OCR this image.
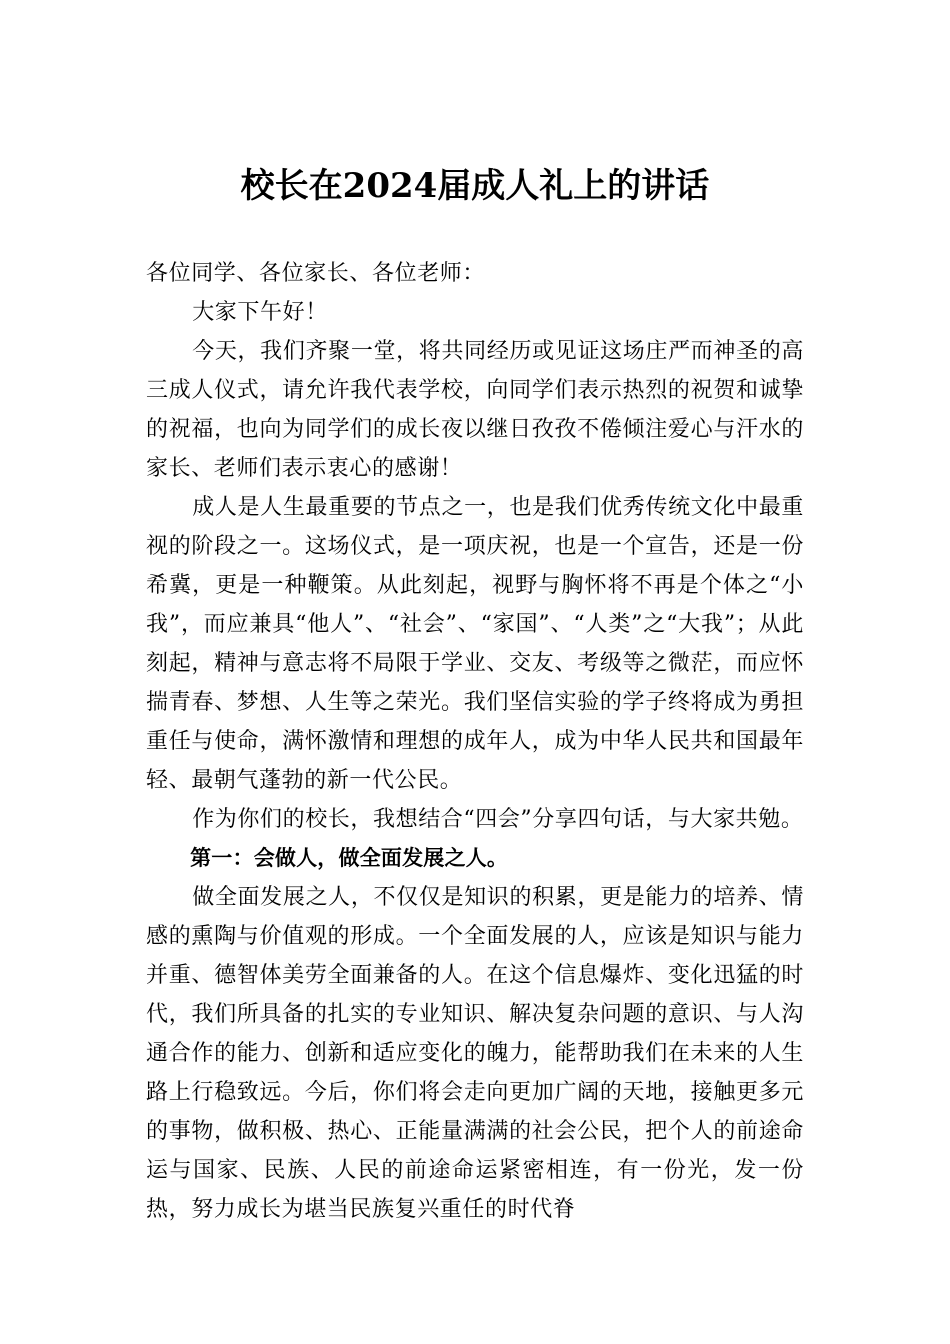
校长在2024届成人礼上的讲话

各位同学、各位家长、各位老师：

大家下午好！

今天，我们齐聚一堂，将共同经历或见证这场庄严而神圣的高三成人仪式，请允许我代表学校，向同学们表示热烈的祝贺和诚挚的祝福，也向为同学们的成长夜以继日孜孜不倦倾注爱心与汗水的家长、老师们表示衷心的感谢！

成人是人生最重要的节点之一，也是我们优秀传统文化中最重视的阶段之一。这场仪式，是一项庆祝，也是一个宣告，还是一份希冀，更是一种鞭策。从此刻起，视野与胸怀将不再是个体之“小我”，而应兼具“他人”、“社会”、“家国”、“人类”之“大我”；从此刻起，精神与意志将不局限于学业、交友、考级等之微茫，而应怀揣青春、梦想、人生等之荣光。我们坚信实验的学子终将成为勇担重任与使命，满怀激情和理想的成年人，成为中华人民共和国最年轻、最朝气蓬勃的新一代公民。

作为你们的校长，我想结合“四会”分享四句话，与大家共勉。

第一：会做人，做全面发展之人。

做全面发展之人，不仅仅是知识的积累，更是能力的培养、情感的熏陶与价值观的形成。一个全面发展的人，应该是知识与能力并重、德智体美劳全面兼备的人。在这个信息爆炸、变化迅猛的时代，我们所具备的扎实的专业知识、解决复杂问题的意识、与人沟通合作的能力、创新和适应变化的魄力，能帮助我们在未来的人生路上行稳致远。今后，你们将会走向更加广阔的天地，接触更多元的事物，做积极、热心、正能量满满的社会公民，把个人的前途命运与国家、民族、人民的前途命运紧密相连，有一份光，发一份热，努力成长为堪当民族复兴重任的时代脊
